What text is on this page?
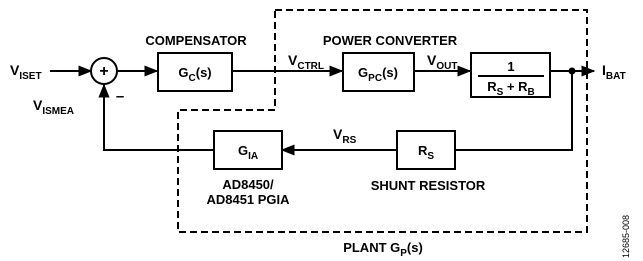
+
–
$G_C(s)$	$G_{PC}(s)$	1
$R_S + R_B$
$R_S$
$G_{IA}$
$V_{ISET}$
$V_{ISMEA}$
$V_{CTRL}$	$V_{OUT}$	$I_{BAT}$
$V_{RS}$
COMPENSATOR	POWER CONVERTER
SHUNT RESISTOR
AD8450/
AD8451 PGIA
PLANT $G_P(s)$	12685-008
